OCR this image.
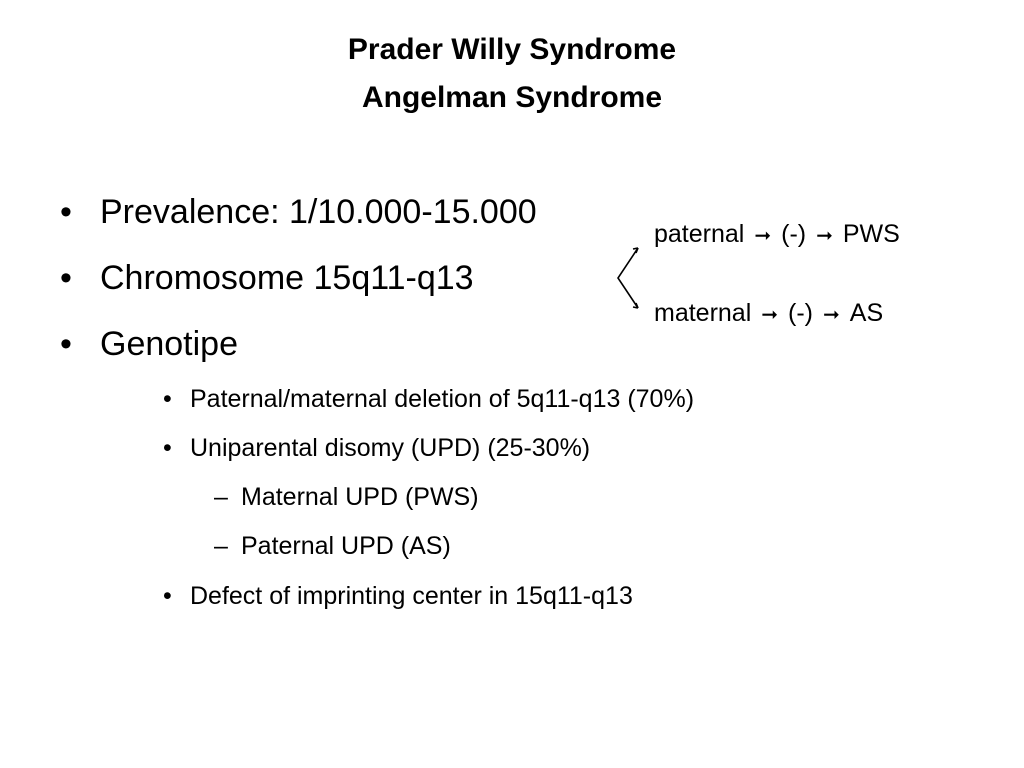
Prader Willy Syndrome
Angelman Syndrome
• Prevalence: 1/10.000-15.000
• Chromosome 15q11-q13
• Genotipe
• Paternal/maternal deletion of 5q11-q13 (70%)
• Uniparental disomy (UPD) (25-30%)
– Maternal UPD (PWS)
– Paternal UPD (AS)
• Defect of imprinting center in 15q11-q13
paternal ➞ (-) ➞ PWS
maternal ➞ (-) ➞ AS
